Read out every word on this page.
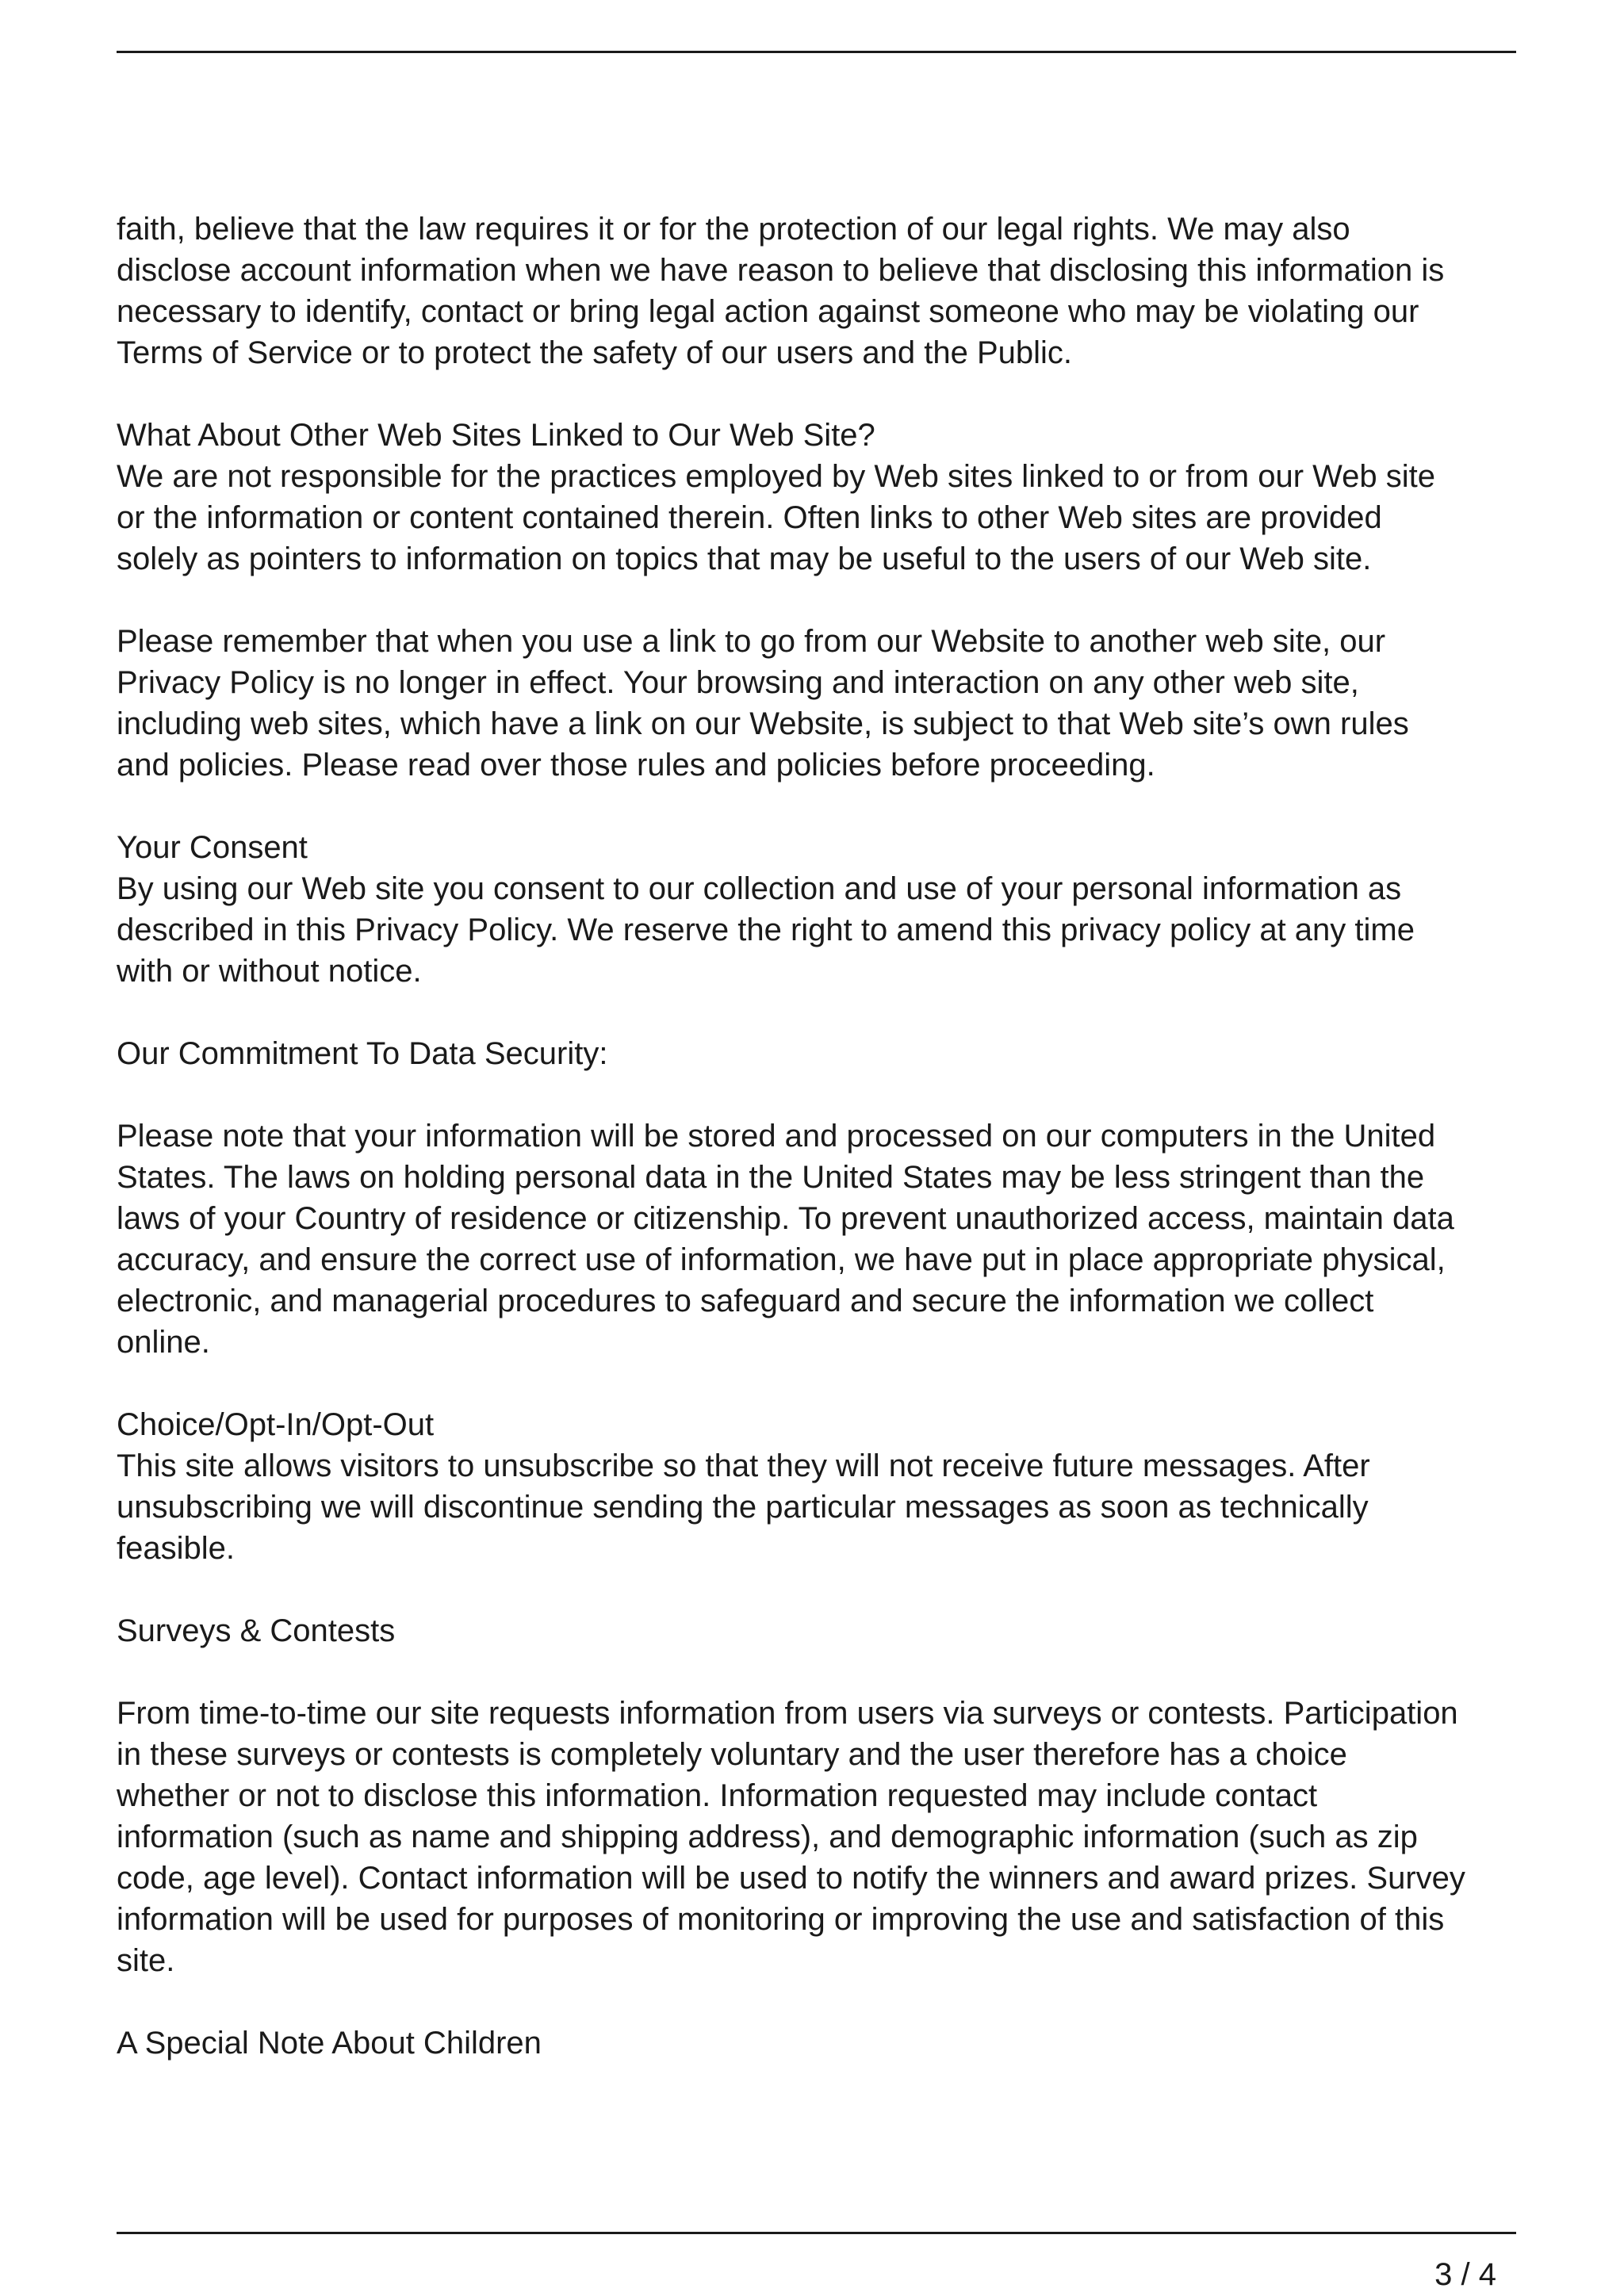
faith, believe that the law requires it or for the protection of our legal rights. We may also
disclose account information when we have reason to believe that disclosing this information is
necessary to identify, contact or bring legal action against someone who may be violating our
Terms of Service or to protect the safety of our users and the Public.
What About Other Web Sites Linked to Our Web Site?
We are not responsible for the practices employed by Web sites linked to or from our Web site
or the information or content contained therein. Often links to other Web sites are provided
solely as pointers to information on topics that may be useful to the users of our Web site.
Please remember that when you use a link to go from our Website to another web site, our
Privacy Policy is no longer in effect. Your browsing and interaction on any other web site,
including web sites, which have a link on our Website, is subject to that Web site’s own rules
and policies. Please read over those rules and policies before proceeding.
Your Consent
By using our Web site you consent to our collection and use of your personal information as
described in this Privacy Policy. We reserve the right to amend this privacy policy at any time
with or without notice.
Our Commitment To Data Security:
Please note that your information will be stored and processed on our computers in the United
States. The laws on holding personal data in the United States may be less stringent than the
laws of your Country of residence or citizenship. To prevent unauthorized access, maintain data
accuracy, and ensure the correct use of information, we have put in place appropriate physical,
electronic, and managerial procedures to safeguard and secure the information we collect
online.
Choice/Opt-In/Opt-Out
This site allows visitors to unsubscribe so that they will not receive future messages. After
unsubscribing we will discontinue sending the particular messages as soon as technically
feasible.
Surveys & Contests
From time-to-time our site requests information from users via surveys or contests. Participation
in these surveys or contests is completely voluntary and the user therefore has a choice
whether or not to disclose this information. Information requested may include contact
information (such as name and shipping address), and demographic information (such as zip
code, age level). Contact information will be used to notify the winners and award prizes. Survey
information will be used for purposes of monitoring or improving the use and satisfaction of this
site.
A Special Note About Children
3 / 4
